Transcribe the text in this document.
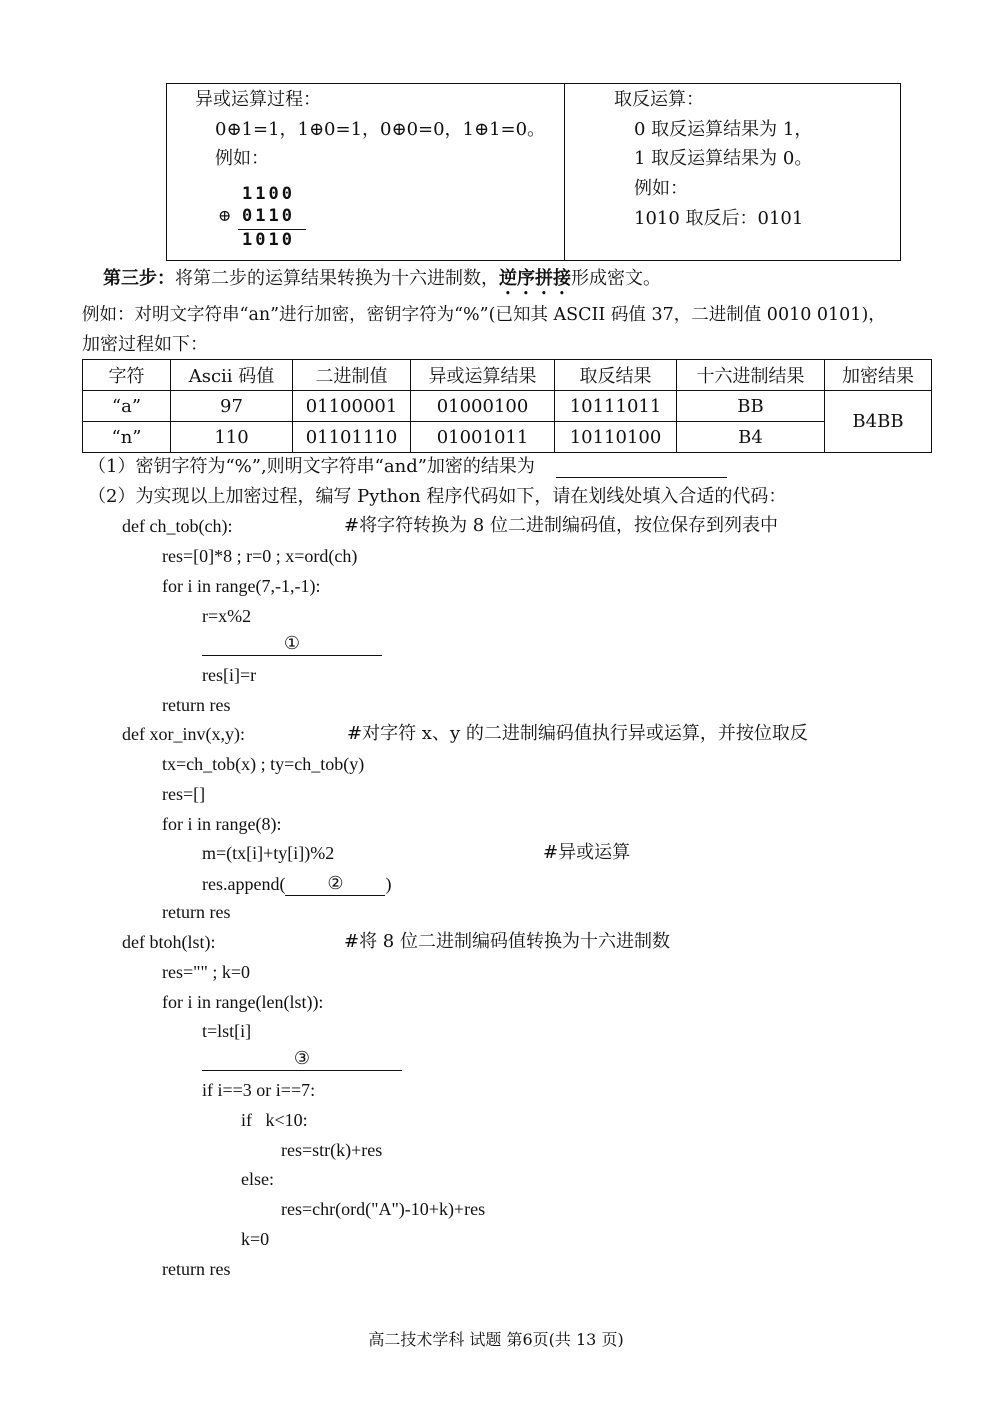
异或运算过程：
0⊕1=1，1⊕0=1，0⊕0=0，1⊕1=0。
例如：
1100
⊕ 0110
1010
取反运算：
0 取反运算结果为 1，
1 取反运算结果为 0。
例如：
1010 取反后：0101
第三步：将第二步的运算结果转换为十六进制数，逆序拼接形成密文。
例如：对明文字符串“an”进行加密，密钥字符为“%”(已知其 ASCII 码值 37，二进制值 0010 0101)，
加密过程如下：
字符	Ascii 码值	二进制值	异或运算结果	取反结果	十六进制结果	加密结果
“a”	97	01100001	01000100	10111011	BB	B4BB
“n”	110	01101110	01001011	10110100	B4	
（1）密钥字符为“%”,则明文字符串“and”加密的结果为
（2）为实现以上加密过程，编写 Python 程序代码如下，请在划线处填入合适的代码：
def ch_tob(ch):	#将字符转换为 8 位二进制编码值，按位保存到列表中
res=[0]*8 ; r=0 ; x=ord(ch)
for i in range(7,-1,-1):
r=x%2
①
res[i]=r
return res
def xor_inv(x,y):	#对字符 x、y 的二进制编码值执行异或运算，并按位取反
tx=ch_tob(x) ; ty=ch_tob(y)
res=[]
for i in range(8):
m=(tx[i]+ty[i])%2	#异或运算
res.append( ② )
return res
def btoh(lst):	#将 8 位二进制编码值转换为十六进制数
res="" ; k=0
for i in range(len(lst)):
t=lst[i]
③
if i==3 or i==7:
if   k<10:
res=str(k)+res
else:
res=chr(ord("A")-10+k)+res
k=0
return res
高二技术学科 试题 第6页(共 13 页)
